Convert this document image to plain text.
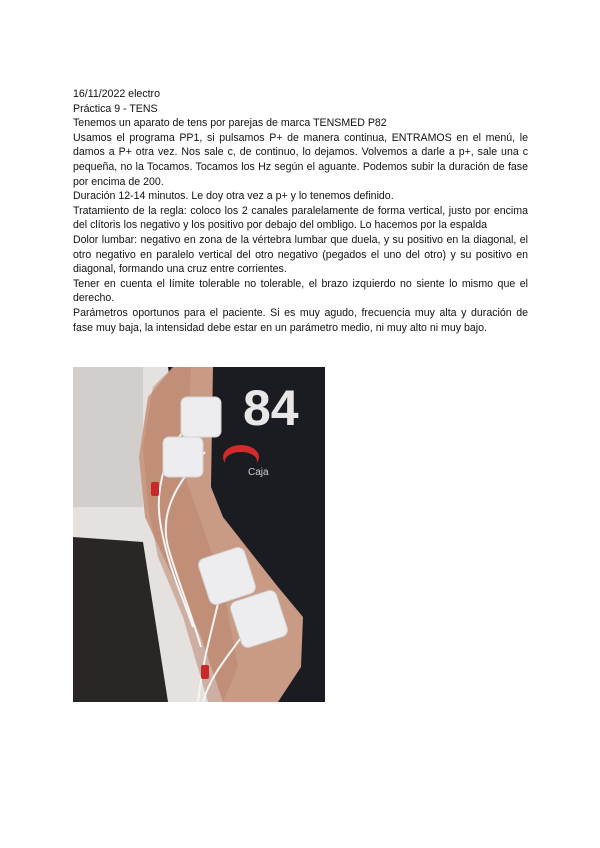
16/11/2022 electro

Práctica 9 - TENS

Tenemos un aparato de tens por parejas de marca TENSMED P82

Usamos el programa PP1, si pulsamos P+ de manera continua, ENTRAMOS en el menú, le damos a P+ otra vez. Nos sale c, de continuo, lo dejamos. Volvemos a darle a p+, sale una c pequeña, no la Tocamos. Tocamos los Hz según el aguante. Podemos subir la duración de fase por encima de 200.

Duración 12-14 minutos. Le doy otra vez a p+ y lo tenemos definido.

Tratamiento de la regla: coloco los 2 canales paralelamente de forma vertical, justo por encima del clítoris los negativo y los positivo por debajo del ombligo. Lo hacemos por la espalda

Dolor lumbar: negativo en zona de la vértebra lumbar que duela, y su positivo en la diagonal, el otro negativo en paralelo vertical del otro negativo (pegados el uno del otro) y su positivo en diagonal, formando una cruz entre corrientes.

Tener en cuenta el límite tolerable no tolerable, el brazo izquierdo no siente lo mismo que el derecho.

Parámetros oportunos para el paciente. Si es muy agudo, frecuencia muy alta y duración de fase muy baja, la intensidad debe estar en un parámetro medio, ni muy alto ni muy bajo.

84
Caja
